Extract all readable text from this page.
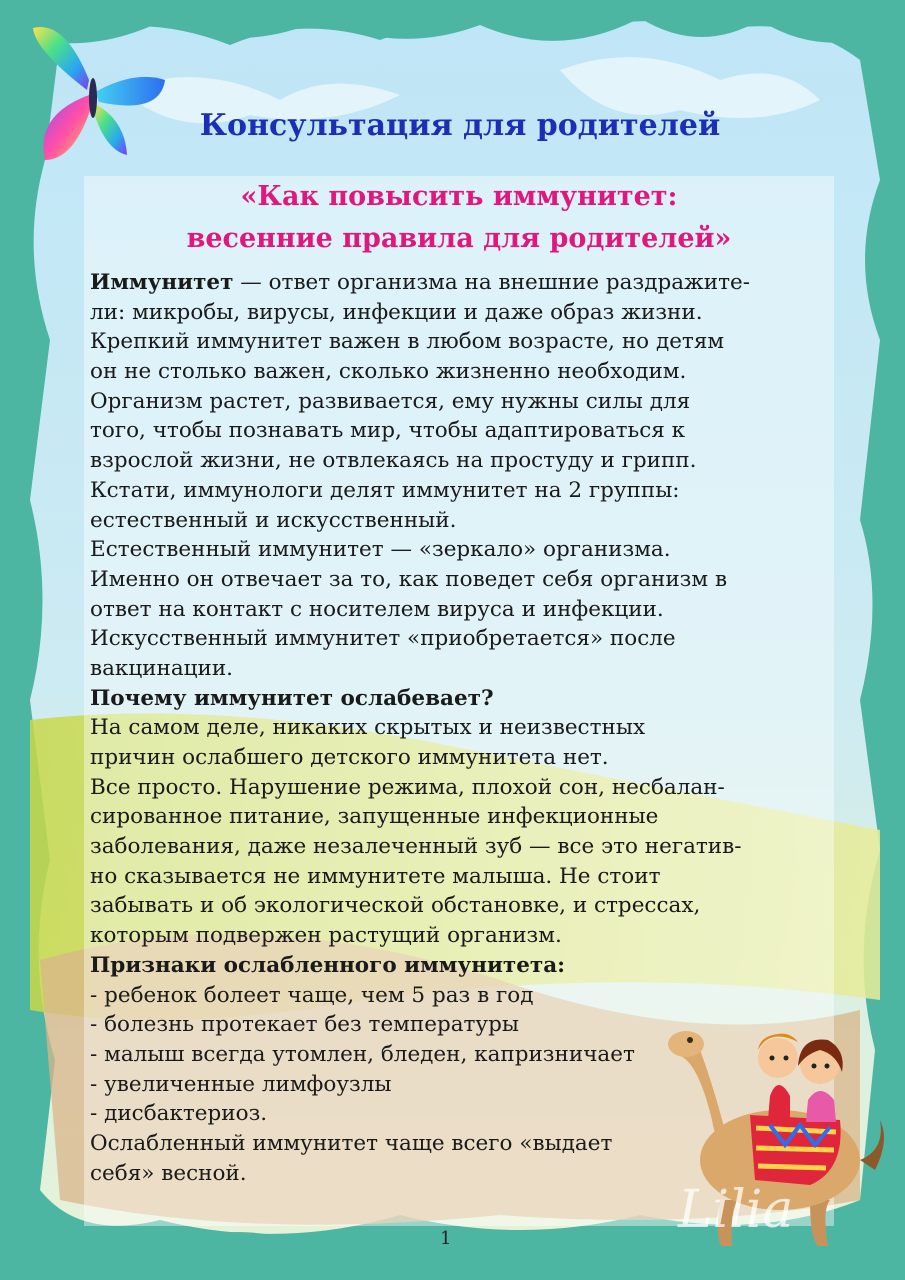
Консультация для родителей
«Как повысить иммунитет:
весенние правила для родителей»
Иммунитет — ответ организма на внешние раздражите-
ли: микробы, вирусы, инфекции и даже образ жизни.
Крепкий иммунитет важен в любом возрасте, но детям
он не столько важен, сколько жизненно необходим.
Организм растет, развивается, ему нужны силы для
того, чтобы познавать мир, чтобы адаптироваться к
взрослой жизни, не отвлекаясь на простуду и грипп.
Кстати, иммунологи делят иммунитет на 2 группы:
естественный и искусственный.
Естественный иммунитет — «зеркало» организма.
Именно он отвечает за то, как поведет себя организм в
ответ на контакт с носителем вируса и инфекции.
Искусственный иммунитет «приобретается» после
вакцинации.
Почему иммунитет ослабевает?
На самом деле, никаких скрытых и неизвестных
причин ослабшего детского иммунитета нет.
Все просто. Нарушение режима, плохой сон, несбалан-
сированное питание, запущенные инфекционные
заболевания, даже незалеченный зуб — все это негатив-
но сказывается не иммунитете малыша. Не стоит
забывать и об экологической обстановке, и стрессах,
которым подвержен растущий организм.
Признаки ослабленного иммунитета:
- ребенок болеет чаще, чем 5 раз в год
- болезнь протекает без температуры
- малыш всегда утомлен, бледен, капризничает
- увеличенные лимфоузлы
- дисбактериоз.
Ослабленный иммунитет чаще всего «выдает
себя» весной.
Lilia
1
